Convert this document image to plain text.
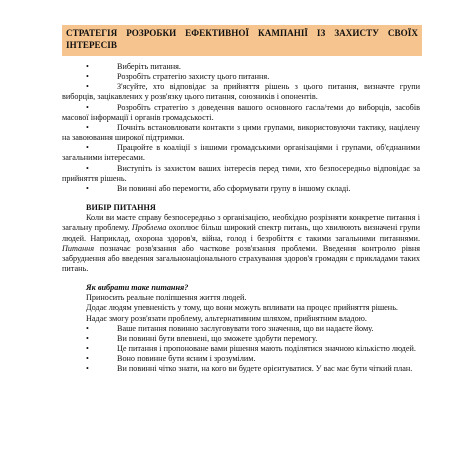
СТРАТЕГІЯ РОЗРОБКИ ЕФЕКТИВНОЇ КАМПАНІЇ ІЗ ЗАХИСТУ СВОЇХ ІНТЕРЕСІВ

•	Виберіть питання.

•	Розробіть стратегію захисту цього питання.

•	З'ясуйте, хто відповідає за прийняття рішень з цього питання, визначте групи виборців, зацікавлених у розв'язку цього питання, союзників і опонентів.

•	Розробіть стратегію з доведення вашого основного гасла/теми до виборців, засобів масової інформації і органів громадськості.

•	Почніть встановлювати контакти з цими групами, використовуючи тактику, націлену на завоювання широкої підтримки.

•	Працюйте в коаліції з іншими громадськими організаціями і групами, об'єднаними загальними інтересами.

•	Виступіть із захистом ваших інтересів перед тими, хто безпосередньо відповідає за прийняття рішень.

•	Ви повинні або перемогти, або сформувати групу в іншому складі.

ВИБІР ПИТАННЯ

Коли ви маєте справу безпосередньо з організацією, необхідно розрізняти конкретне питання і загальну проблему. Проблема охоплює більш широкий спектр питань, що хвилюють визначені групи людей. Наприклад, охорона здоров'я, війна, голод і безробіття є такими загальними питаннями. Питання позначає розв'язання або часткове розв'язання проблеми. Введення контролю рівня забруднення або введення загальнонаціонального страхування здоров'я громадян є прикладами таких питань.

Як вибрати таке питання?

Приносить реальне поліпшення життя людей.

Додає людям упевненість у тому, що вони можуть впливати на процес прийняття рішень.

Надає змогу розв'язати проблему, альтернативним шляхом, прийнятним владою.

•	Ваше питання повинно заслуговувати того значення, що ви надаєте йому.

•	Ви повинні бути впевнені, що зможете здобути перемогу.

•	Це питання і пропоноване вами рішення мають поділятися значною кількістю людей.

•	Воно повинне бути ясним і зрозумілим.

•	Ви повинні чітко знати, на кого ви будете орієнтуватися. У вас має бути чіткий план.
